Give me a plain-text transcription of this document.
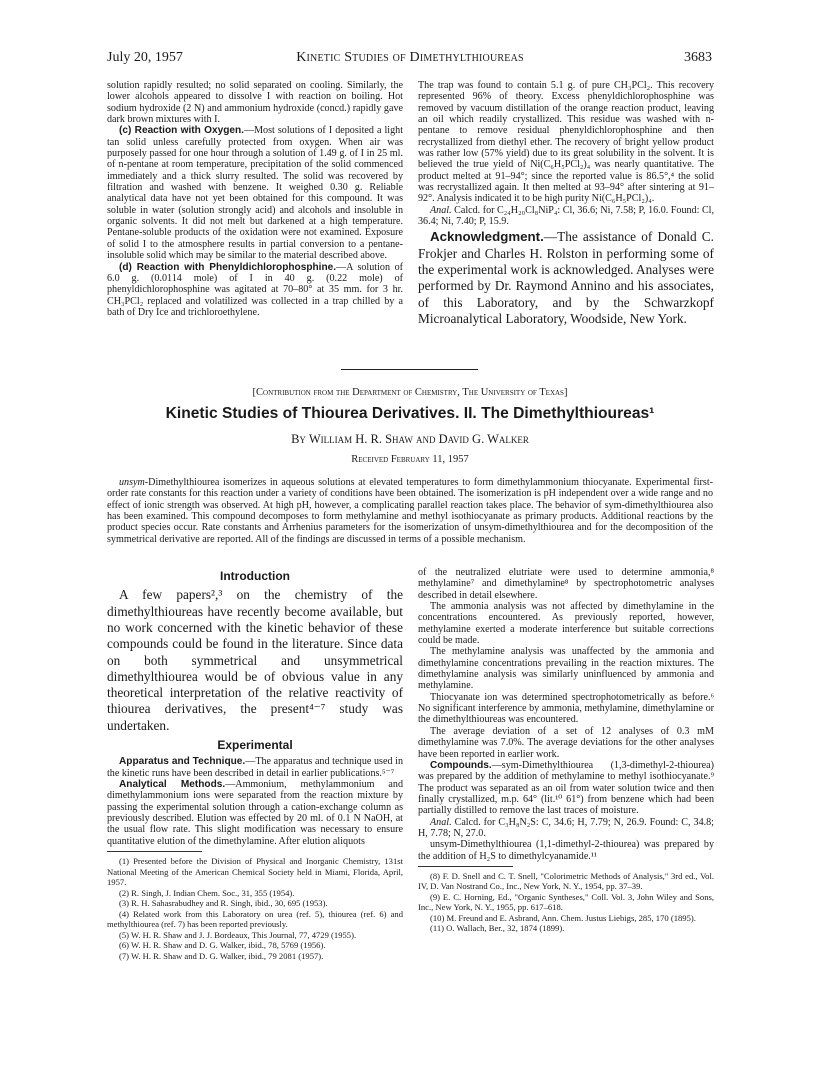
July 20, 1957	Kinetic Studies of Dimethylthioureas	3683

solution rapidly resulted; no solid separated on cooling. Similarly, the lower alcohols appeared to dissolve I with reaction on boiling. Hot sodium hydroxide (2 N) and ammonium hydroxide (concd.) rapidly gave dark brown mixtures with I.

(c) Reaction with Oxygen.—Most solutions of I deposited a light tan solid unless carefully protected from oxygen. When air was purposely passed for one hour through a solution of 1.49 g. of I in 25 ml. of n-pentane at room temperature, precipitation of the solid commenced immediately and a thick slurry resulted. The solid was recovered by filtration and washed with benzene. It weighed 0.30 g. Reliable analytical data have not yet been obtained for this compound. It was soluble in water (solution strongly acid) and alcohols and insoluble in organic solvents. It did not melt but darkened at a high temperature. Pentane-soluble products of the oxidation were not examined. Exposure of solid I to the atmosphere results in partial conversion to a pentane-insoluble solid which may be similar to the material described above.

(d) Reaction with Phenyldichlorophosphine.—A solution of 6.0 g. (0.0114 mole) of I in 40 g. (0.22 mole) of phenyldichlorophosphine was agitated at 70–80° at 35 mm. for 3 hr. CH₃PCl₂ replaced and volatilized was collected in a trap chilled by a bath of Dry Ice and trichloroethylene.

The trap was found to contain 5.1 g. of pure CH₃PCl₂. This recovery represented 96% of theory. Excess phenyldichlorophosphine was removed by vacuum distillation of the orange reaction product, leaving an oil which readily crystallized. This residue was washed with n-pentane to remove residual phenyldichlorophosphine and then recrystallized from diethyl ether. The recovery of bright yellow product was rather low (57% yield) due to its great solubility in the solvent. It is believed the true yield of Ni(C₆H₅PCl₂)₄ was nearly quantitative. The product melted at 91–94°; since the reported value is 86.5°,⁴ the solid was recrystallized again. It then melted at 93–94° after sintering at 91–92°. Analysis indicated it to be high purity Ni(C₆H₅PCl₂)₄.

Anal. Calcd. for C₂₄H₂₀Cl₈NiP₄: Cl, 36.6; Ni, 7.58; P, 16.0. Found: Cl, 36.4; Ni, 7.40; P, 15.9.

Acknowledgment.—The assistance of Donald C. Frokjer and Charles H. Rolston in performing some of the experimental work is acknowledged. Analyses were performed by Dr. Raymond Annino and his associates, of this Laboratory, and by the Schwarzkopf Microanalytical Laboratory, Woodside, New York.

[Contribution from the Department of Chemistry, The University of Texas]
Kinetic Studies of Thiourea Derivatives. II. The Dimethylthioureas¹
By William H. R. Shaw and David G. Walker
Received February 11, 1957
unsym-Dimethylthiourea isomerizes in aqueous solutions at elevated temperatures to form dimethylammonium thiocyanate. Experimental first-order rate constants for this reaction under a variety of conditions have been obtained. The isomerization is pH independent over a wide range and no effect of ionic strength was observed. At high pH, however, a complicating parallel reaction takes place. The behavior of sym-dimethylthiourea also has been examined. This compound decomposes to form methylamine and methyl isothiocyanate as primary products. Additional reactions by the product species occur. Rate constants and Arrhenius parameters for the isomerization of unsym-dimethylthiourea and for the decomposition of the symmetrical derivative are reported. All of the findings are discussed in terms of a possible mechanism.
Introduction

A few papers²,³ on the chemistry of the dimethylthioureas have recently become available, but no work concerned with the kinetic behavior of these compounds could be found in the literature. Since data on both symmetrical and unsymmetrical dimethylthiourea would be of obvious value in any theoretical interpretation of the relative reactivity of thiourea derivatives, the present⁴⁻⁷ study was undertaken.

Experimental

Apparatus and Technique.—The apparatus and technique used in the kinetic runs have been described in detail in earlier publications.⁵⁻⁷

Analytical Methods.—Ammonium, methylammonium and dimethylammonium ions were separated from the reaction mixture by passing the experimental solution through a cation-exchange column as previously described. Elution was effected by 20 ml. of 0.1 N NaOH, at the usual flow rate. This slight modification was necessary to ensure quantitative elution of the dimethylamine. After elution aliquots

(1) Presented before the Division of Physical and Inorganic Chemistry, 131st National Meeting of the American Chemical Society held in Miami, Florida, April, 1957.

(2) R. Singh, J. Indian Chem. Soc., 31, 355 (1954).

(3) R. H. Sahasrabudhey and R. Singh, ibid., 30, 695 (1953).

(4) Related work from this Laboratory on urea (ref. 5), thiourea (ref. 6) and methylthiourea (ref. 7) has been reported previously.

(5) W. H. R. Shaw and J. J. Bordeaux, This Journal, 77, 4729 (1955).

(6) W. H. R. Shaw and D. G. Walker, ibid., 78, 5769 (1956).

(7) W. H. R. Shaw and D. G. Walker, ibid., 79 2081 (1957).

of the neutralized elutriate were used to determine ammonia,⁸ methylamine⁷ and dimethylamine⁸ by spectrophotometric analyses described in detail elsewhere.

The ammonia analysis was not affected by dimethylamine in the concentrations encountered. As previously reported, however, methylamine exerted a moderate interference but suitable corrections could be made.

The methylamine analysis was unaffected by the ammonia and dimethylamine concentrations prevailing in the reaction mixtures. The dimethylamine analysis was similarly uninfluenced by ammonia and methylamine.

Thiocyanate ion was determined spectrophotometrically as before.⁶ No significant interference by ammonia, methylamine, dimethylamine or the dimethylthioureas was encountered.

The average deviation of a set of 12 analyses of 0.3 mM dimethylamine was 7.0%. The average deviations for the other analyses have been reported in earlier work.

Compounds.—sym-Dimethylthiourea (1,3-dimethyl-2-thiourea) was prepared by the addition of methylamine to methyl isothiocyanate.⁹ The product was separated as an oil from water solution twice and then finally crystallized, m.p. 64° (lit.¹⁰ 61°) from benzene which had been partially distilled to remove the last traces of moisture.

Anal. Calcd. for C₃H₈N₂S: C, 34.6; H, 7.79; N, 26.9. Found: C, 34.8; H, 7.78; N, 27.0.

unsym-Dimethylthiourea (1,1-dimethyl-2-thiourea) was prepared by the addition of H₂S to dimethylcyanamide.¹¹

(8) F. D. Snell and C. T. Snell, "Colorimetric Methods of Analysis," 3rd ed., Vol. IV, D. Van Nostrand Co., Inc., New York, N. Y., 1954, pp. 37–39.

(9) E. C. Horning, Ed., "Organic Syntheses," Coll. Vol. 3, John Wiley and Sons, Inc., New York, N. Y., 1955, pp. 617–618.

(10) M. Freund and E. Asbrand, Ann. Chem. Justus Liebigs, 285, 170 (1895).

(11) O. Wallach, Ber., 32, 1874 (1899).
